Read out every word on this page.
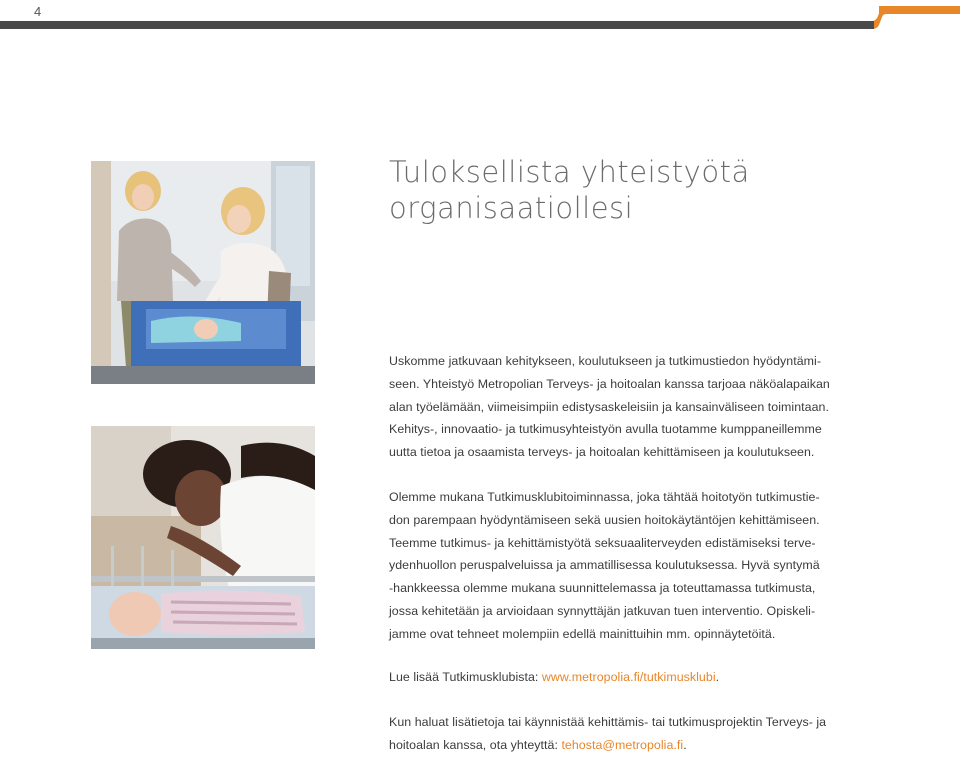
4
Tuloksellista yhteistyötä
organisaatiollesi
Uskomme jatkuvaan kehitykseen, koulutukseen ja tutkimustiedon hyödyntämi-
seen. Yhteistyö Metropolian Terveys- ja hoitoalan kanssa tarjoaa näköalapaikan
alan työelämään, viimeisimpiin edistysaskeleisiin ja kansainväliseen toimintaan.
Kehitys-, innovaatio- ja tutkimusyhteistyön avulla tuotamme kumppaneillemme
uutta tietoa ja osaamista terveys- ja hoitoalan kehittämiseen ja koulutukseen.
Olemme mukana Tutkimusklubitoiminnassa, joka tähtää hoitotyön tutkimustie-
don parempaan hyödyntämiseen sekä uusien hoitokäytäntöjen kehittämiseen.
Teemme tutkimus- ja kehittämistyötä seksuaaliterveyden edistämiseksi terve-
ydenhuollon peruspalveluissa ja ammatillisessa koulutuksessa. Hyvä syntymä
-hankkeessa olemme mukana suunnittelemassa ja toteuttamassa tutkimusta,
jossa kehitetään ja arvioidaan synnyttäjän jatkuvan tuen interventio. Opiskeli-
jamme ovat tehneet molempiin edellä mainittuihin mm. opinnäytetöitä.
Lue lisää Tutkimusklubista: www.metropolia.fi/tutkimusklubi.
Kun haluat lisätietoja tai käynnistää kehittämis- tai tutkimusprojektin Terveys- ja
hoitoalan kanssa, ota yhteyttä: tehosta@metropolia.fi.
